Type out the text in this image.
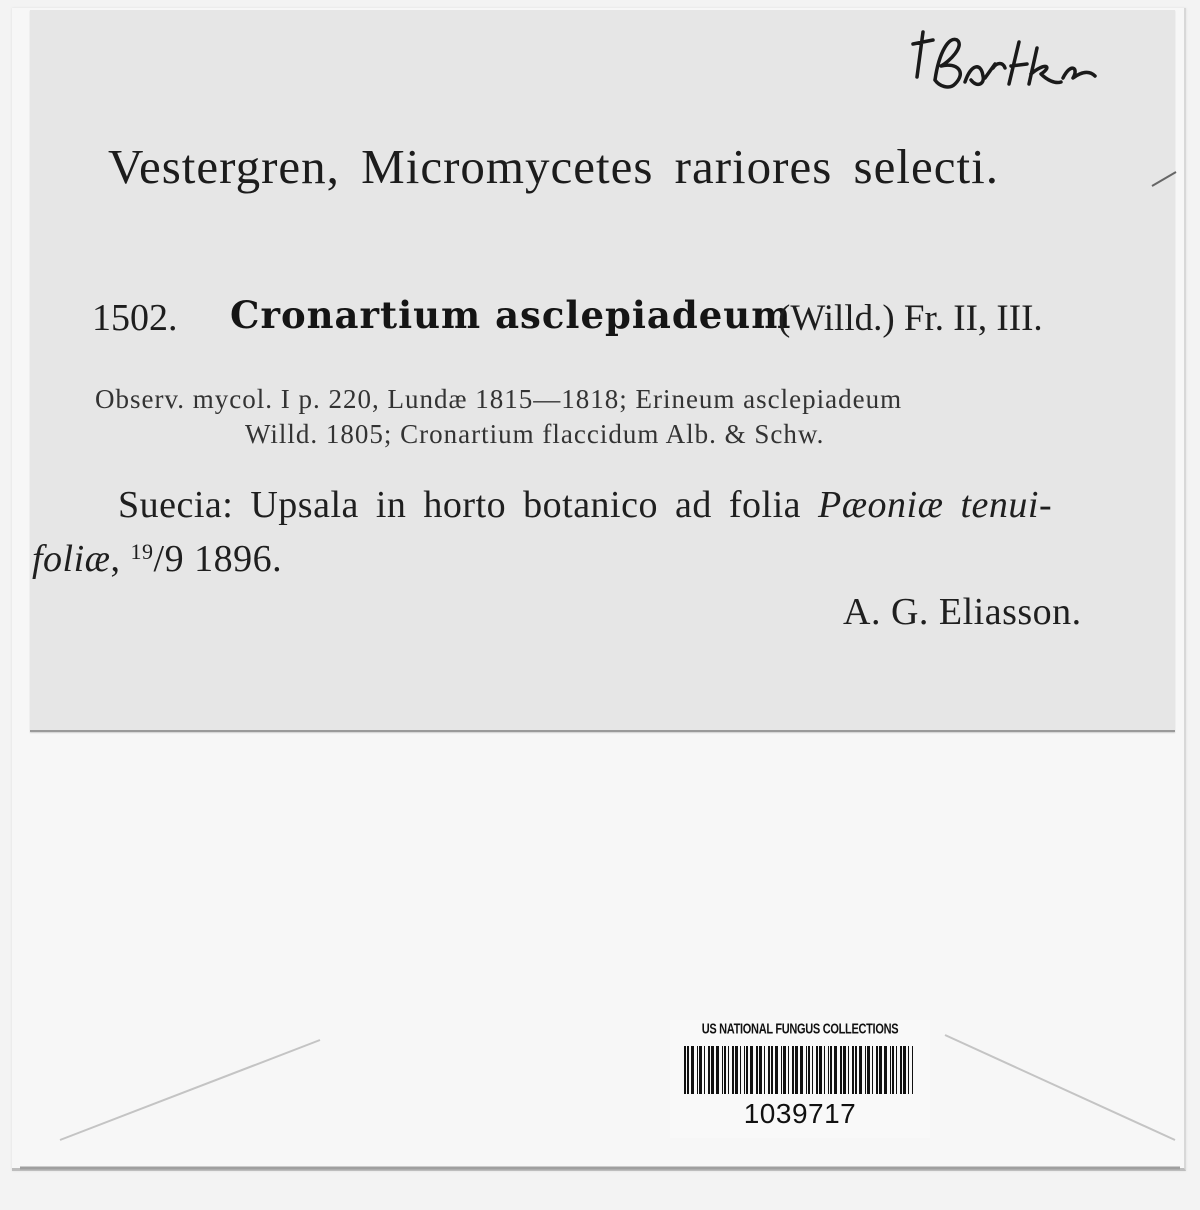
Vestergren, Micromycetes rariores selecti.
1502. Cronartium asclepiadeum
(Willd.) Fr. II, III.
Observ. mycol. I p. 220, Lundæ 1815—1818; Erineum asclepiadeum
Willd. 1805; Cronartium flaccidum Alb. & Schw.
Suecia: Upsala in horto botanico ad folia Pæoniæ tenui-
foliæ, $^{19}$/9 1896.
A. G. Eliasson.
US NATIONAL FUNGUS COLLECTIONS
1039717
